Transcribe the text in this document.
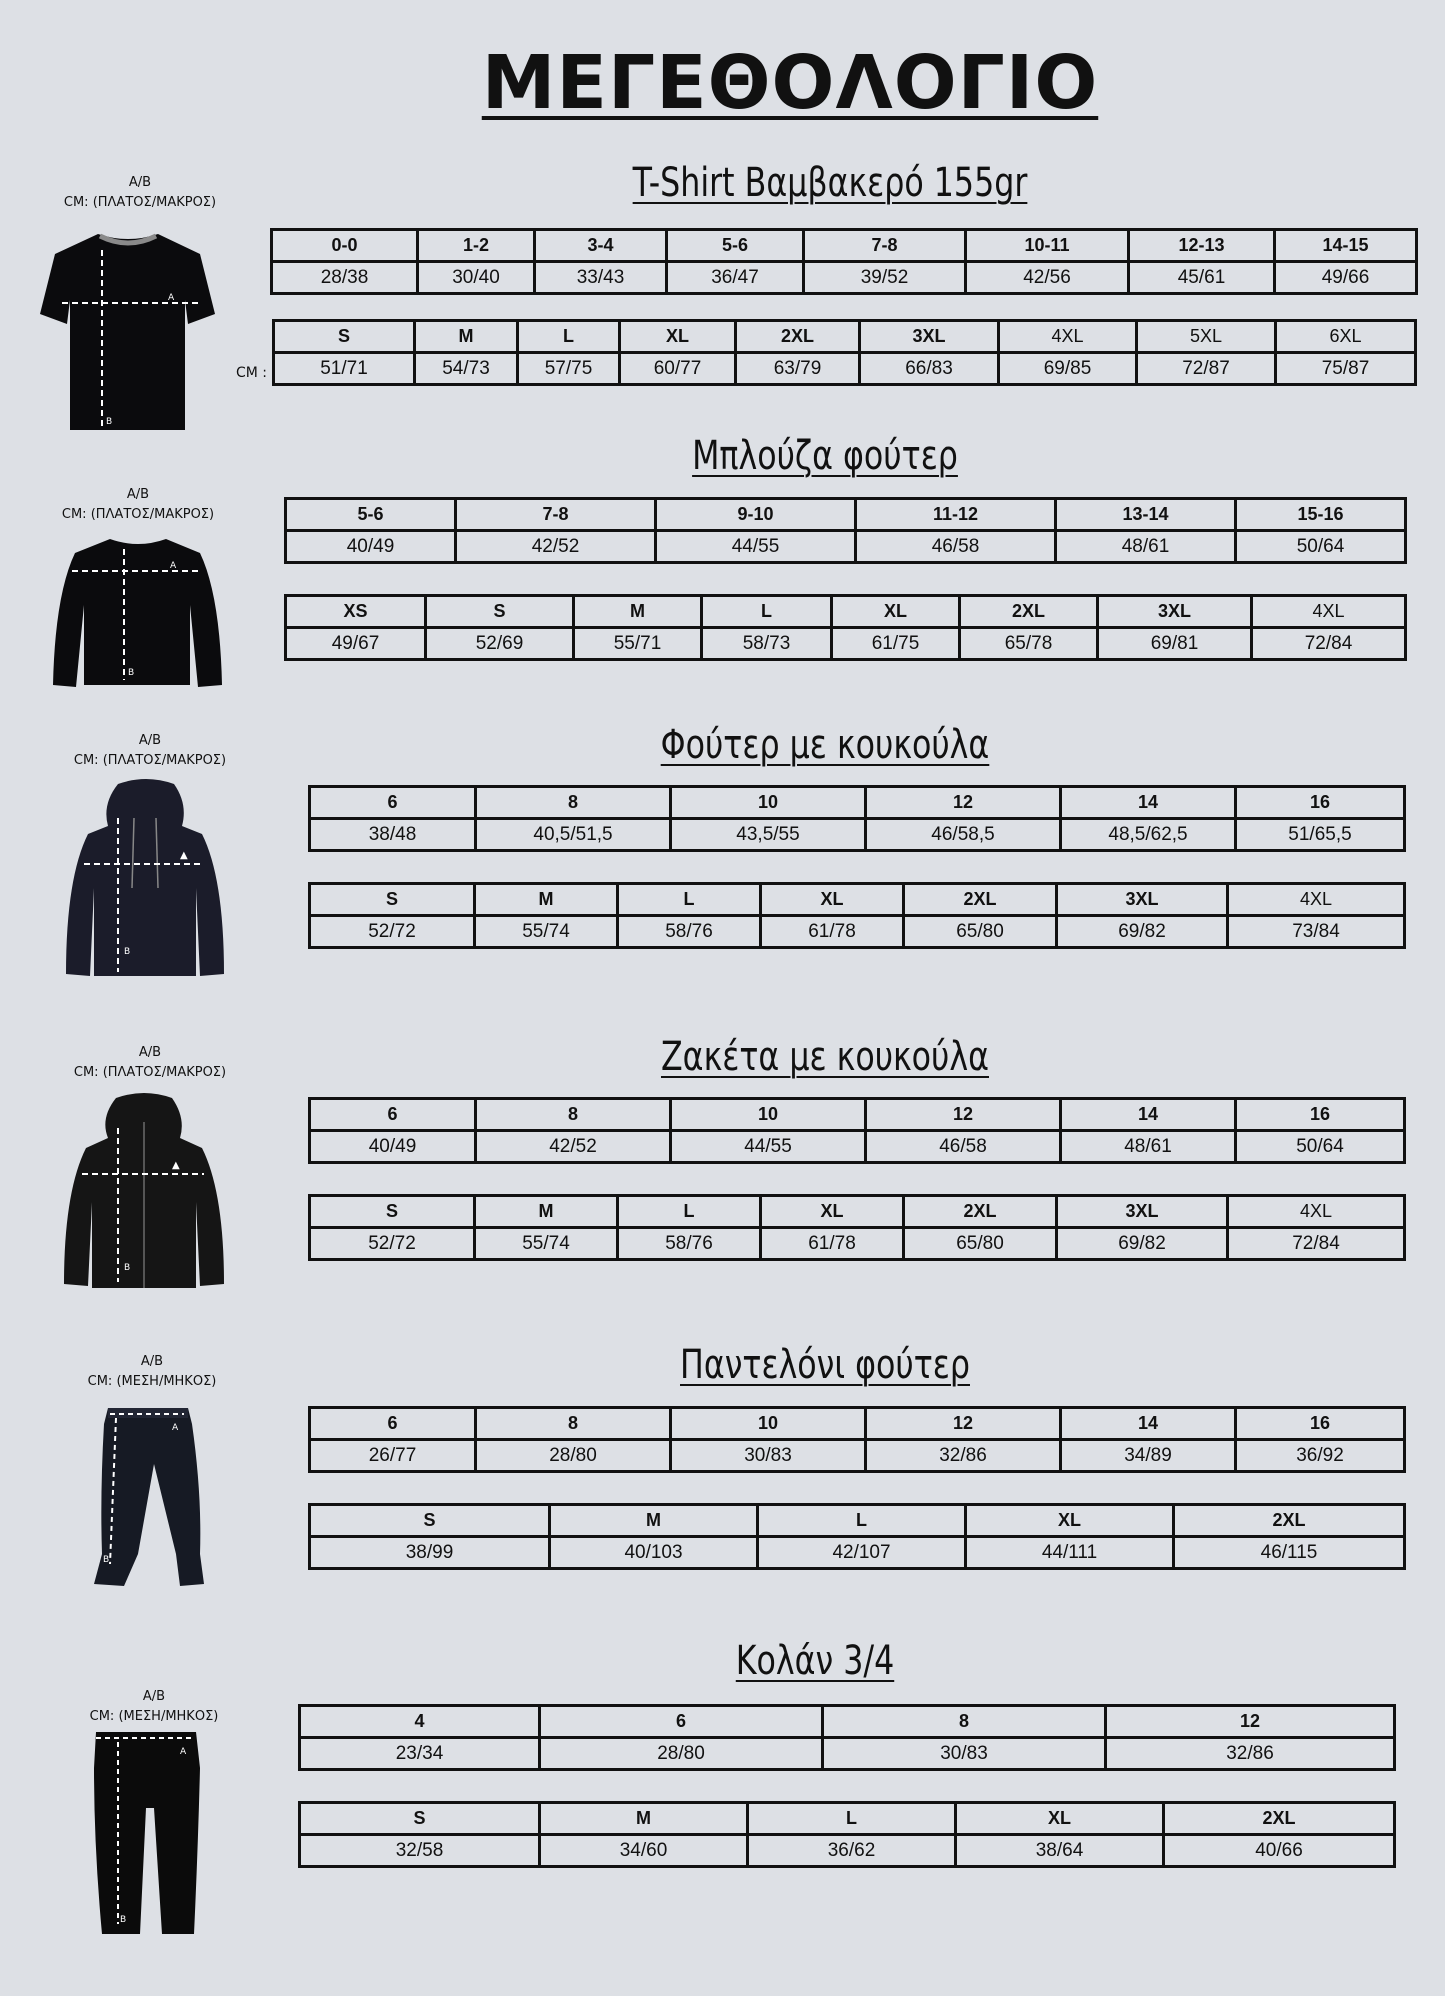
ΜΕΓΕΘΟΛΟΓΙΟ
T-Shirt Βαμβακερό 155gr
A/B
CM: (ΠΛΑΤΟΣ/ΜΑΚΡΟΣ)
A
B
0-0	1-2	3-4	5-6	7-8	10-11	12-13	14-15
28/38	30/40	33/43	36/47	39/52	42/56	45/61	49/66
CM :
S	M	L	XL	2XL	3XL	4XL	5XL	6XL
51/71	54/73	57/75	60/77	63/79	66/83	69/85	72/87	75/87
Μπλούζα φούτερ
A/B
CM: (ΠΛΑΤΟΣ/ΜΑΚΡΟΣ)
A
B
5-6	7-8	9-10	11-12	13-14	15-16
40/49	42/52	44/55	46/58	48/61	50/64
XS	S	M	L	XL	2XL	3XL	4XL
49/67	52/69	55/71	58/73	61/75	65/78	69/81	72/84
Φούτερ με κουκούλα
A/B
CM: (ΠΛΑΤΟΣ/ΜΑΚΡΟΣ)
▲
B
6	8	10	12	14	16
38/48	40,5/51,5	43,5/55	46/58,5	48,5/62,5	51/65,5
S	M	L	XL	2XL	3XL	4XL
52/72	55/74	58/76	61/78	65/80	69/82	73/84
Ζακέτα με κουκούλα
A/B
CM: (ΠΛΑΤΟΣ/ΜΑΚΡΟΣ)
▲
B
6	8	10	12	14	16
40/49	42/52	44/55	46/58	48/61	50/64
S	M	L	XL	2XL	3XL	4XL
52/72	55/74	58/76	61/78	65/80	69/82	72/84
Παντελόνι φούτερ
A/B
CM: (ΜΕΣΗ/ΜΗΚΟΣ)
A
B
6	8	10	12	14	16
26/77	28/80	30/83	32/86	34/89	36/92
S	M	L	XL	2XL
38/99	40/103	42/107	44/111	46/115
Κολάν 3/4
A/B
CM: (ΜΕΣΗ/ΜΗΚΟΣ)
A
B
4	6	8	12
23/34	28/80	30/83	32/86
S	M	L	XL	2XL
32/58	34/60	36/62	38/64	40/66
